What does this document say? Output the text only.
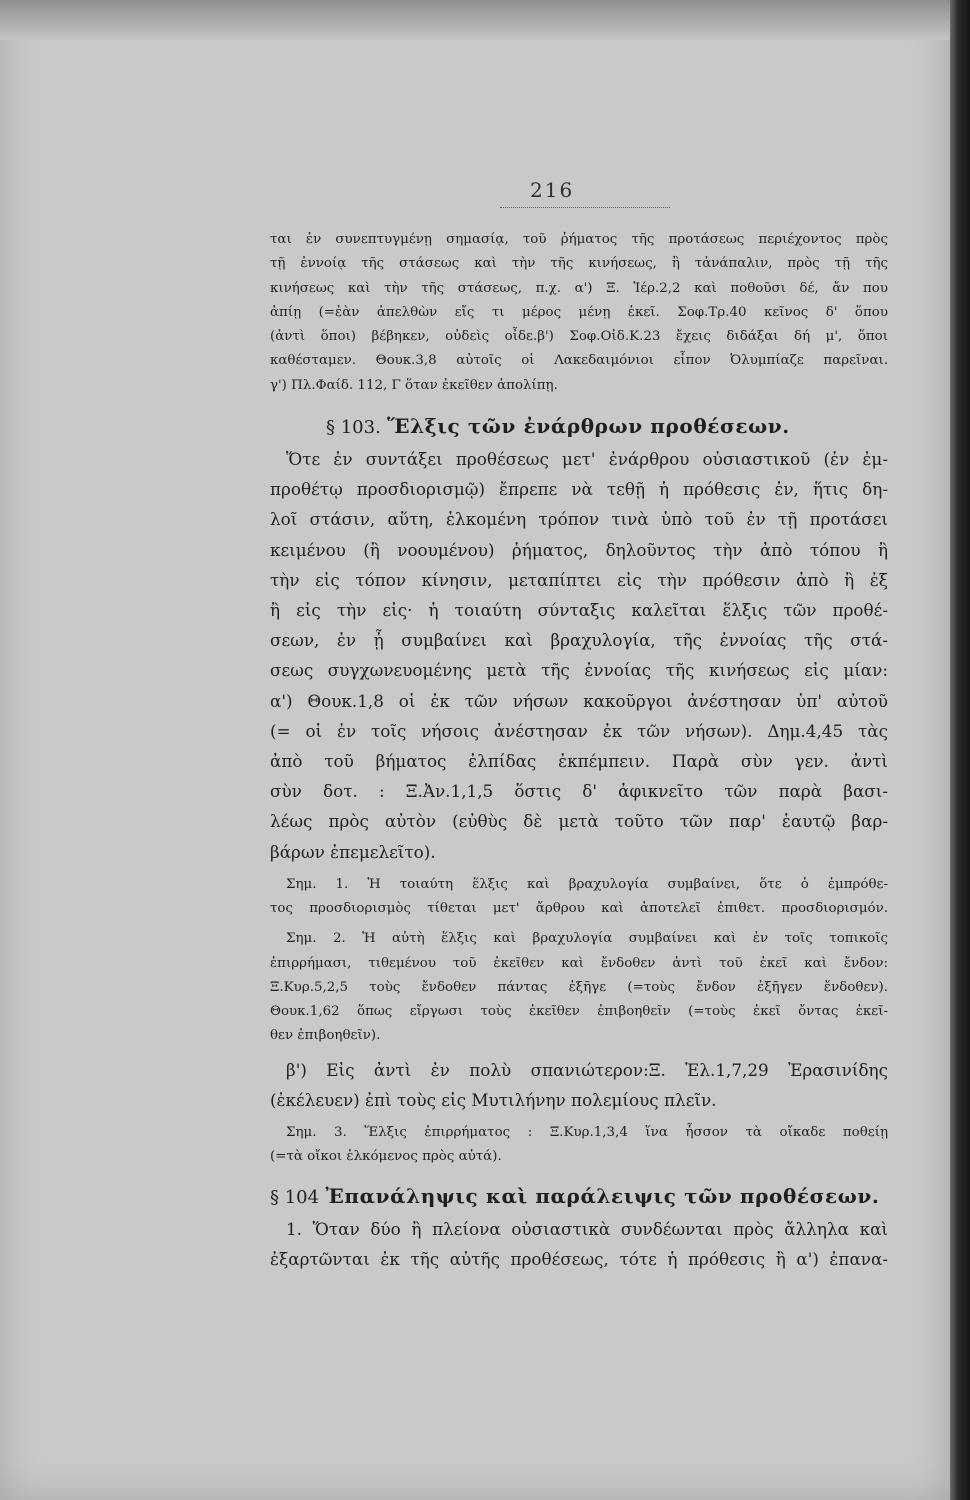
216
ται ἐν συνεπτυγμένῃ σημασίᾳ, τοῦ ῥήματος τῆς προτάσεως περιέχοντος πρὸς
τῇ ἐννοίᾳ τῆς στάσεως καὶ τὴν τῆς κινήσεως, ἢ τἀνάπαλιν, πρὸς τῇ τῆς
κινήσεως καὶ τὴν τῆς στάσεως, π.χ. α') Ξ. Ἱέρ.2,2 καὶ ποθοῦσι δέ, ἄν που
ἀπίῃ (=ἐὰν ἀπελθὼν εἴς τι μέρος μένῃ ἐκεῖ. Σοφ.Τρ.40 κεῖνος δ' ὅπου
(ἀντὶ ὅποι) βέβηκεν, οὐδεὶς οἶδε.β') Σοφ.Οἰδ.Κ.23 ἔχεις διδάξαι δή μ', ὅποι
καθέσταμεν. Θουκ.3,8 αὐτοῖς οἱ Λακεδαιμόνιοι εἶπον Ὀλυμπίαζε παρεῖναι.
γ') Πλ.Φαίδ. 112, Γ ὅταν ἐκεῖθεν ἀπολίπῃ.
§ 103. Ἕλξις τῶν ἐνάρθρων προθέσεων.
Ὅτε ἐν συντάξει προθέσεως μετ' ἐνάρθρου οὐσιαστικοῦ (ἐν ἐμ-
προθέτῳ προσδιορισμῷ) ἔπρεπε νὰ τεθῇ ἡ πρόθεσις ἐν, ἥτις δη-
λοῖ στάσιν, αὕτη, ἑλκομένη τρόπον τινὰ ὑπὸ τοῦ ἐν τῇ προτάσει
κειμένου (ἢ νοουμένου) ῥήματος, δηλοῦντος τὴν ἀπὸ τόπου ἢ
τὴν εἰς τόπον κίνησιν, μεταπίπτει εἰς τὴν πρόθεσιν ἀπὸ ἢ ἐξ
ἢ εἰς τὴν εἰς· ἡ τοιαύτη σύνταξις καλεῖται ἕλξις τῶν προθέ-
σεων, ἐν ᾗ συμβαίνει καὶ βραχυλογία, τῆς ἐννοίας τῆς στά-
σεως συγχωνευομένης μετὰ τῆς ἐννοίας τῆς κινήσεως εἰς μίαν:
α') Θουκ.1,8 οἱ ἐκ τῶν νήσων κακοῦργοι ἀνέστησαν ὑπ' αὐτοῦ
(= οἱ ἐν τοῖς νήσοις ἀνέστησαν ἐκ τῶν νήσων). Δημ.4,45 τὰς
ἀπὸ τοῦ βήματος ἐλπίδας ἐκπέμπειν. Παρὰ σὺν γεν. ἀντὶ
σὺν δοτ. : Ξ.Ἀν.1,1,5 ὅστις δ' ἀφικνεῖτο τῶν παρὰ βασι-
λέως πρὸς αὐτὸν (εὐθὺς δὲ μετὰ τοῦτο τῶν παρ' ἑαυτῷ βαρ-
βάρων ἐπεμελεῖτο).
Σημ. 1. Ἡ τοιαύτη ἕλξις καὶ βραχυλογία συμβαίνει, ὅτε ὁ ἐμπρόθε-
τος προσδιορισμὸς τίθεται μετ' ἄρθρου καὶ ἀποτελεῖ ἐπιθετ. προσδιορισμόν.
Σημ. 2. Ἡ αὐτὴ ἕλξις καὶ βραχυλογία συμβαίνει καὶ ἐν τοῖς τοπικοῖς
ἐπιρρήμασι, τιθεμένου τοῦ ἐκεῖθεν καὶ ἔνδοθεν ἀντὶ τοῦ ἐκεῖ καὶ ἔνδον:
Ξ.Κυρ.5,2,5 τοὺς ἔνδοθεν πάντας ἐξῆγε (=τοὺς ἔνδον ἐξῆγεν ἔνδοθεν).
Θουκ.1,62 ὅπως εἴργωσι τοὺς ἐκεῖθεν ἐπιβοηθεῖν (=τοὺς ἐκεῖ ὄντας ἐκεῖ-
θεν ἐπιβοηθεῖν).
β') Εἰς ἀντὶ ἐν πολὺ σπανιώτερον:Ξ. Ἑλ.1,7,29 Ἐρασινίδης
(ἐκέλευεν) ἐπὶ τοὺς εἰς Μυτιλήνην πολεμίους πλεῖν.
Σημ. 3. Ἕλξις ἐπιρρήματος : Ξ.Κυρ.1,3,4 ἵνα ἧσσον τὰ οἴκαδε ποθείῃ
(=τὰ οἴκοι ἑλκόμενος πρὸς αὐτά).
§ 104 Ἐπανάληψις καὶ παράλειψις τῶν προθέσεων.
1. Ὅταν δύο ἢ πλείονα οὐσιαστικὰ συνδέωνται πρὸς ἄλληλα καὶ
ἐξαρτῶνται ἐκ τῆς αὐτῆς προθέσεως, τότε ἡ πρόθεσις ἢ α') ἐπανα-
